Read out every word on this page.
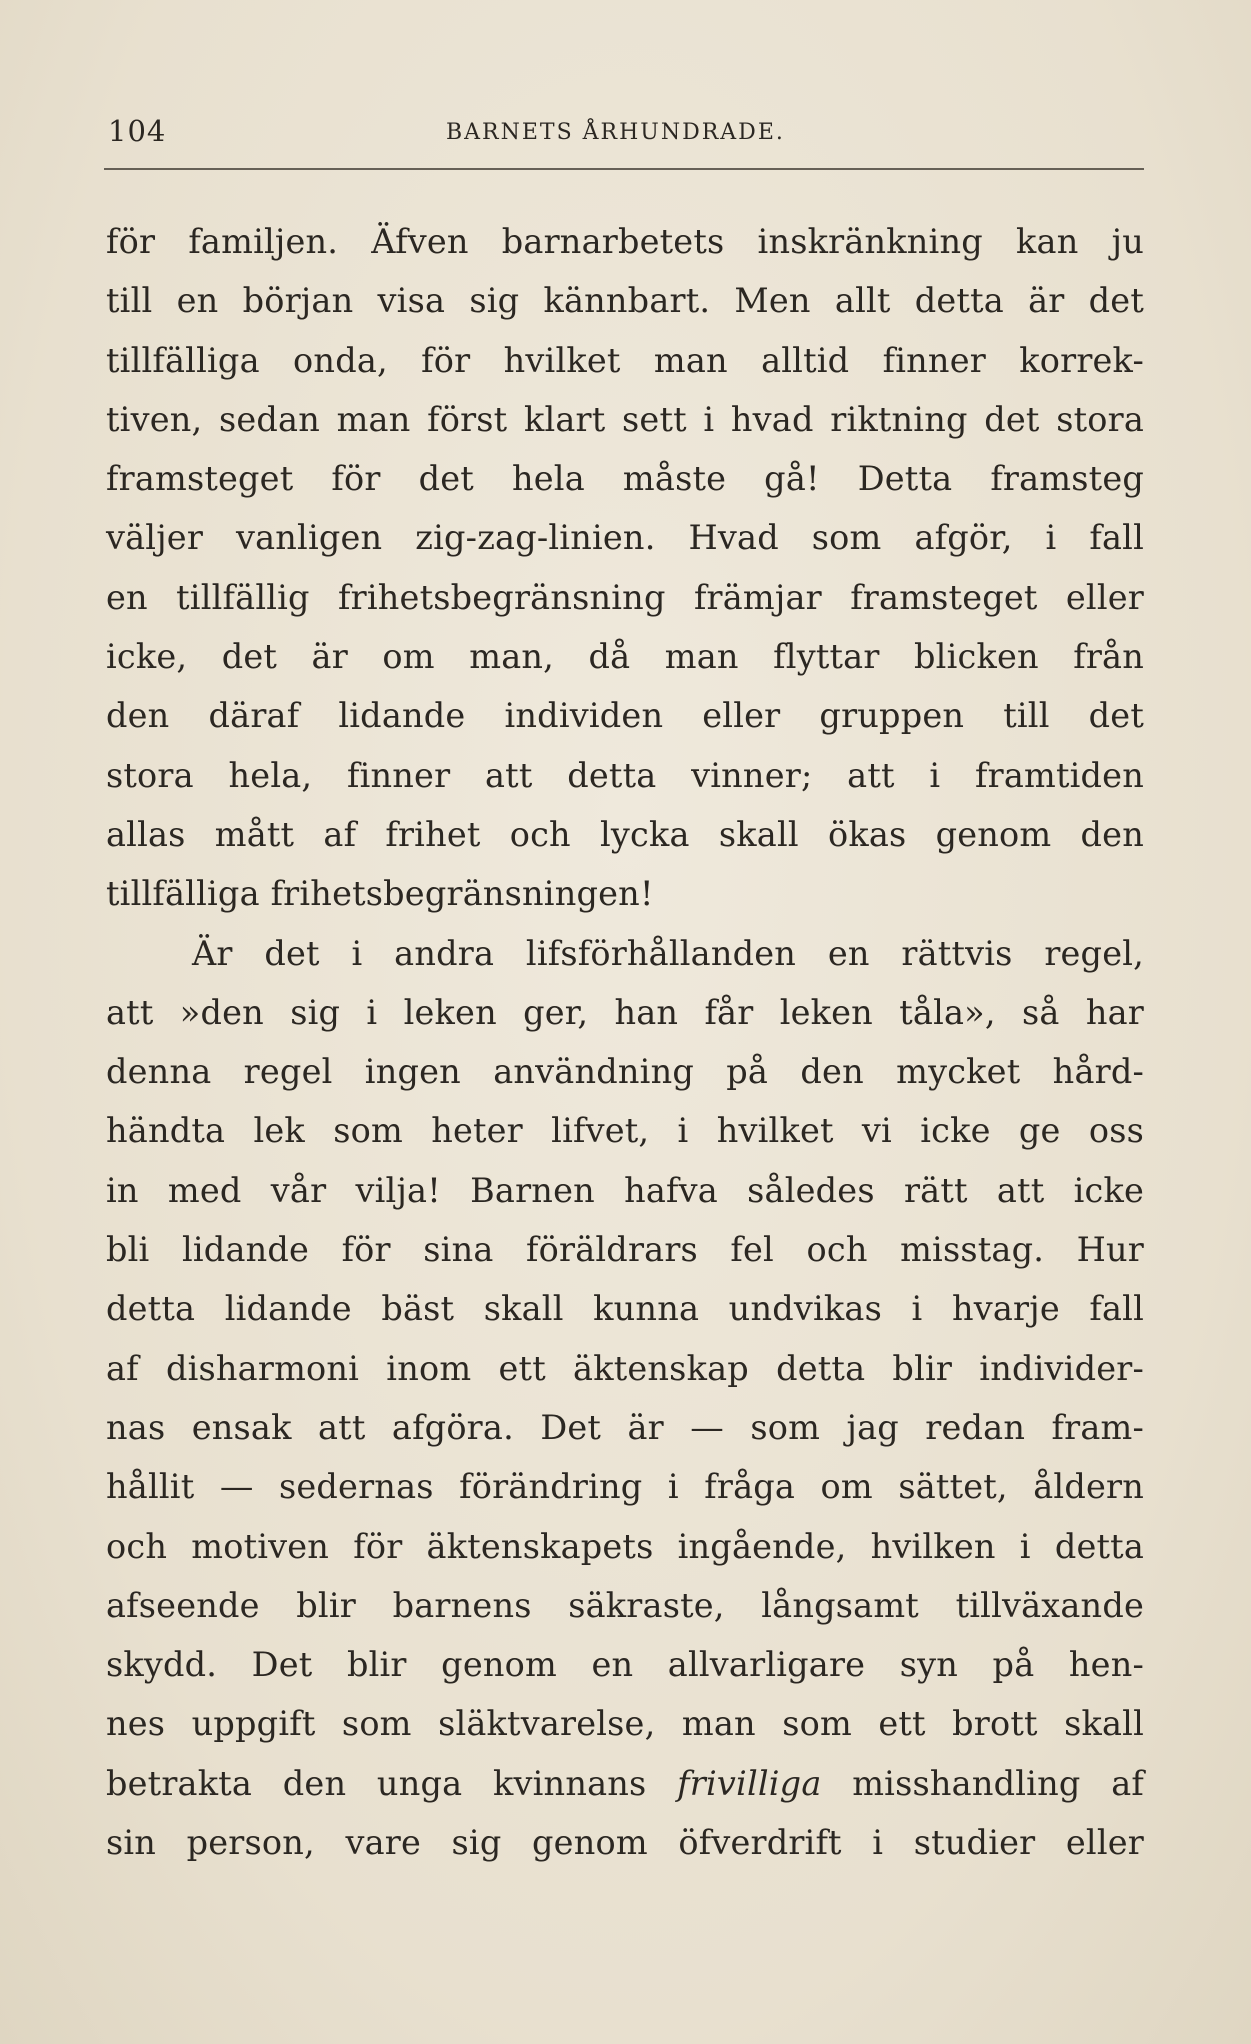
104	BARNETS ÅRHUNDRADE.
för familjen. Äfven barnarbetets inskränkning kan ju
till en början visa sig kännbart. Men allt detta är det
tillfälliga onda, för hvilket man alltid finner korrek-
tiven, sedan man först klart sett i hvad riktning det stora
framsteget för det hela måste gå! Detta framsteg
väljer vanligen zig-zag-linien. Hvad som afgör, i fall
en tillfällig frihetsbegränsning främjar framsteget eller
icke, det är om man, då man flyttar blicken från
den däraf lidande individen eller gruppen till det
stora hela, finner att detta vinner; att i framtiden
allas mått af frihet och lycka skall ökas genom den
tillfälliga frihetsbegränsningen!
Är det i andra lifsförhållanden en rättvis regel,
att »den sig i leken ger, han får leken tåla», så har
denna regel ingen användning på den mycket hård-
händta lek som heter lifvet, i hvilket vi icke ge oss
in med vår vilja! Barnen hafva således rätt att icke
bli lidande för sina föräldrars fel och misstag. Hur
detta lidande bäst skall kunna undvikas i hvarje fall
af disharmoni inom ett äktenskap detta blir individer-
nas ensak att afgöra. Det är — som jag redan fram-
hållit — sedernas förändring i fråga om sättet, åldern
och motiven för äktenskapets ingående, hvilken i detta
afseende blir barnens säkraste, långsamt tillväxande
skydd. Det blir genom en allvarligare syn på hen-
nes uppgift som släktvarelse, man som ett brott skall
betrakta den unga kvinnans frivilliga misshandling af
sin person, vare sig genom öfverdrift i studier eller
